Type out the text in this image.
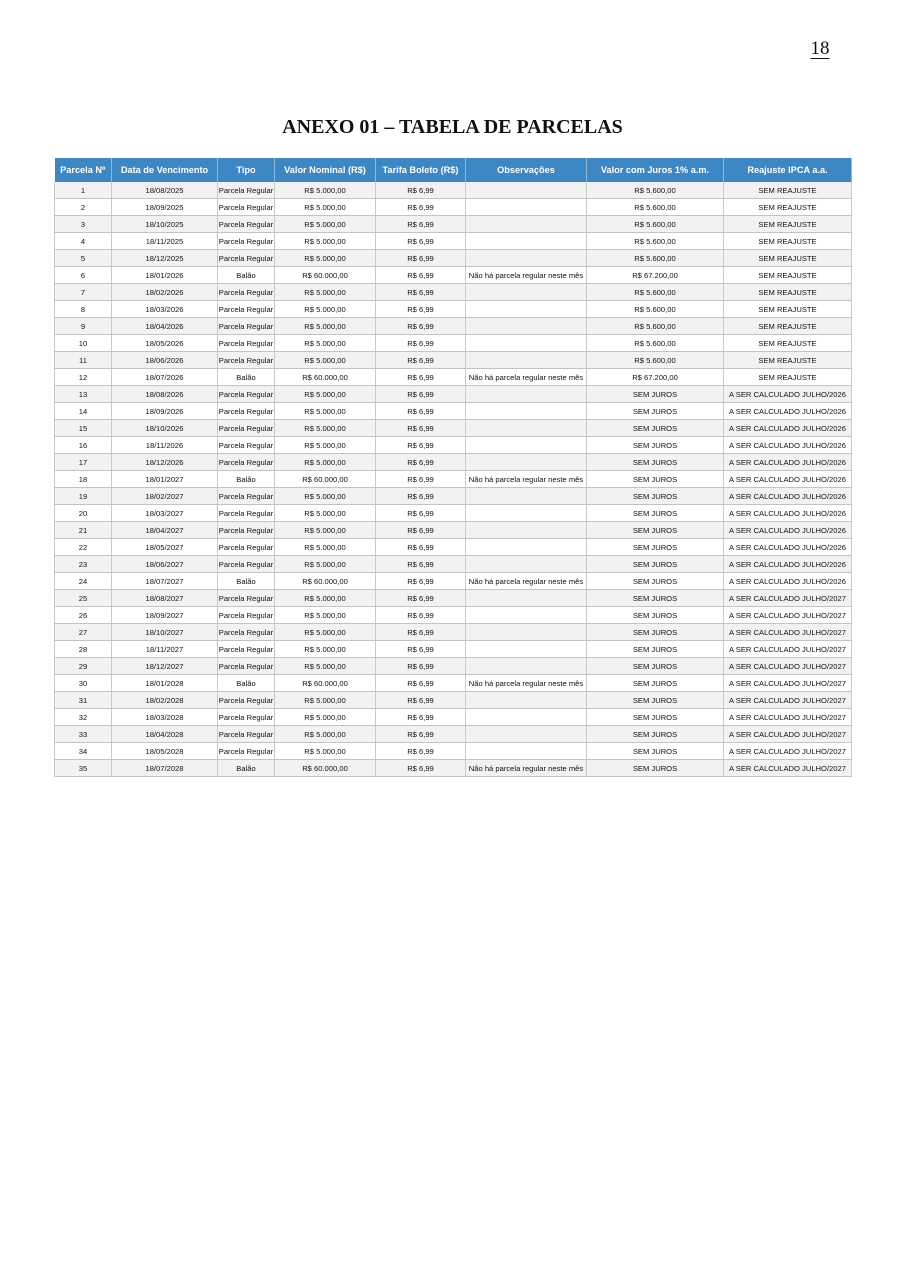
18
ANEXO 01 – TABELA DE PARCELAS
Parcela Nº	Data de Vencimento	Tipo	Valor Nominal (R$)	Tarifa Boleto (R$)	Observações	Valor com Juros 1% a.m.	Reajuste IPCA a.a.
1	18/08/2025	Parcela Regular	R$ 5.000,00	R$ 6,99		R$ 5.600,00	SEM REAJUSTE
2	18/09/2025	Parcela Regular	R$ 5.000,00	R$ 6,99		R$ 5.600,00	SEM REAJUSTE
3	18/10/2025	Parcela Regular	R$ 5.000,00	R$ 6,99		R$ 5.600,00	SEM REAJUSTE
4	18/11/2025	Parcela Regular	R$ 5.000,00	R$ 6,99		R$ 5.600,00	SEM REAJUSTE
5	18/12/2025	Parcela Regular	R$ 5.000,00	R$ 6,99		R$ 5.600,00	SEM REAJUSTE
6	18/01/2026	Balão	R$ 60.000,00	R$ 6,99	Não há parcela regular neste mês	R$ 67.200,00	SEM REAJUSTE
7	18/02/2026	Parcela Regular	R$ 5.000,00	R$ 6,99		R$ 5.600,00	SEM REAJUSTE
8	18/03/2026	Parcela Regular	R$ 5.000,00	R$ 6,99		R$ 5.600,00	SEM REAJUSTE
9	18/04/2026	Parcela Regular	R$ 5.000,00	R$ 6,99		R$ 5.600,00	SEM REAJUSTE
10	18/05/2026	Parcela Regular	R$ 5.000,00	R$ 6,99		R$ 5.600,00	SEM REAJUSTE
11	18/06/2026	Parcela Regular	R$ 5.000,00	R$ 6,99		R$ 5.600,00	SEM REAJUSTE
12	18/07/2026	Balão	R$ 60.000,00	R$ 6,99	Não há parcela regular neste mês	R$ 67.200,00	SEM REAJUSTE
13	18/08/2026	Parcela Regular	R$ 5.000,00	R$ 6,99		SEM JUROS	A SER CALCULADO JULHO/2026
14	18/09/2026	Parcela Regular	R$ 5.000,00	R$ 6,99		SEM JUROS	A SER CALCULADO JULHO/2026
15	18/10/2026	Parcela Regular	R$ 5.000,00	R$ 6,99		SEM JUROS	A SER CALCULADO JULHO/2026
16	18/11/2026	Parcela Regular	R$ 5.000,00	R$ 6,99		SEM JUROS	A SER CALCULADO JULHO/2026
17	18/12/2026	Parcela Regular	R$ 5.000,00	R$ 6,99		SEM JUROS	A SER CALCULADO JULHO/2026
18	18/01/2027	Balão	R$ 60.000,00	R$ 6,99	Não há parcela regular neste mês	SEM JUROS	A SER CALCULADO JULHO/2026
19	18/02/2027	Parcela Regular	R$ 5.000,00	R$ 6,99		SEM JUROS	A SER CALCULADO JULHO/2026
20	18/03/2027	Parcela Regular	R$ 5.000,00	R$ 6,99		SEM JUROS	A SER CALCULADO JULHO/2026
21	18/04/2027	Parcela Regular	R$ 5.000,00	R$ 6,99		SEM JUROS	A SER CALCULADO JULHO/2026
22	18/05/2027	Parcela Regular	R$ 5.000,00	R$ 6,99		SEM JUROS	A SER CALCULADO JULHO/2026
23	18/06/2027	Parcela Regular	R$ 5.000,00	R$ 6,99		SEM JUROS	A SER CALCULADO JULHO/2026
24	18/07/2027	Balão	R$ 60.000,00	R$ 6,99	Não há parcela regular neste mês	SEM JUROS	A SER CALCULADO JULHO/2026
25	18/08/2027	Parcela Regular	R$ 5.000,00	R$ 6,99		SEM JUROS	A SER CALCULADO JULHO/2027
26	18/09/2027	Parcela Regular	R$ 5.000,00	R$ 6,99		SEM JUROS	A SER CALCULADO JULHO/2027
27	18/10/2027	Parcela Regular	R$ 5.000,00	R$ 6,99		SEM JUROS	A SER CALCULADO JULHO/2027
28	18/11/2027	Parcela Regular	R$ 5.000,00	R$ 6,99		SEM JUROS	A SER CALCULADO JULHO/2027
29	18/12/2027	Parcela Regular	R$ 5.000,00	R$ 6,99		SEM JUROS	A SER CALCULADO JULHO/2027
30	18/01/2028	Balão	R$ 60.000,00	R$ 6,99	Não há parcela regular neste mês	SEM JUROS	A SER CALCULADO JULHO/2027
31	18/02/2028	Parcela Regular	R$ 5.000,00	R$ 6,99		SEM JUROS	A SER CALCULADO JULHO/2027
32	18/03/2028	Parcela Regular	R$ 5.000,00	R$ 6,99		SEM JUROS	A SER CALCULADO JULHO/2027
33	18/04/2028	Parcela Regular	R$ 5.000,00	R$ 6,99		SEM JUROS	A SER CALCULADO JULHO/2027
34	18/05/2028	Parcela Regular	R$ 5.000,00	R$ 6,99		SEM JUROS	A SER CALCULADO JULHO/2027
35	18/07/2028	Balão	R$ 60.000,00	R$ 6,99	Não há parcela regular neste mês	SEM JUROS	A SER CALCULADO JULHO/2027
